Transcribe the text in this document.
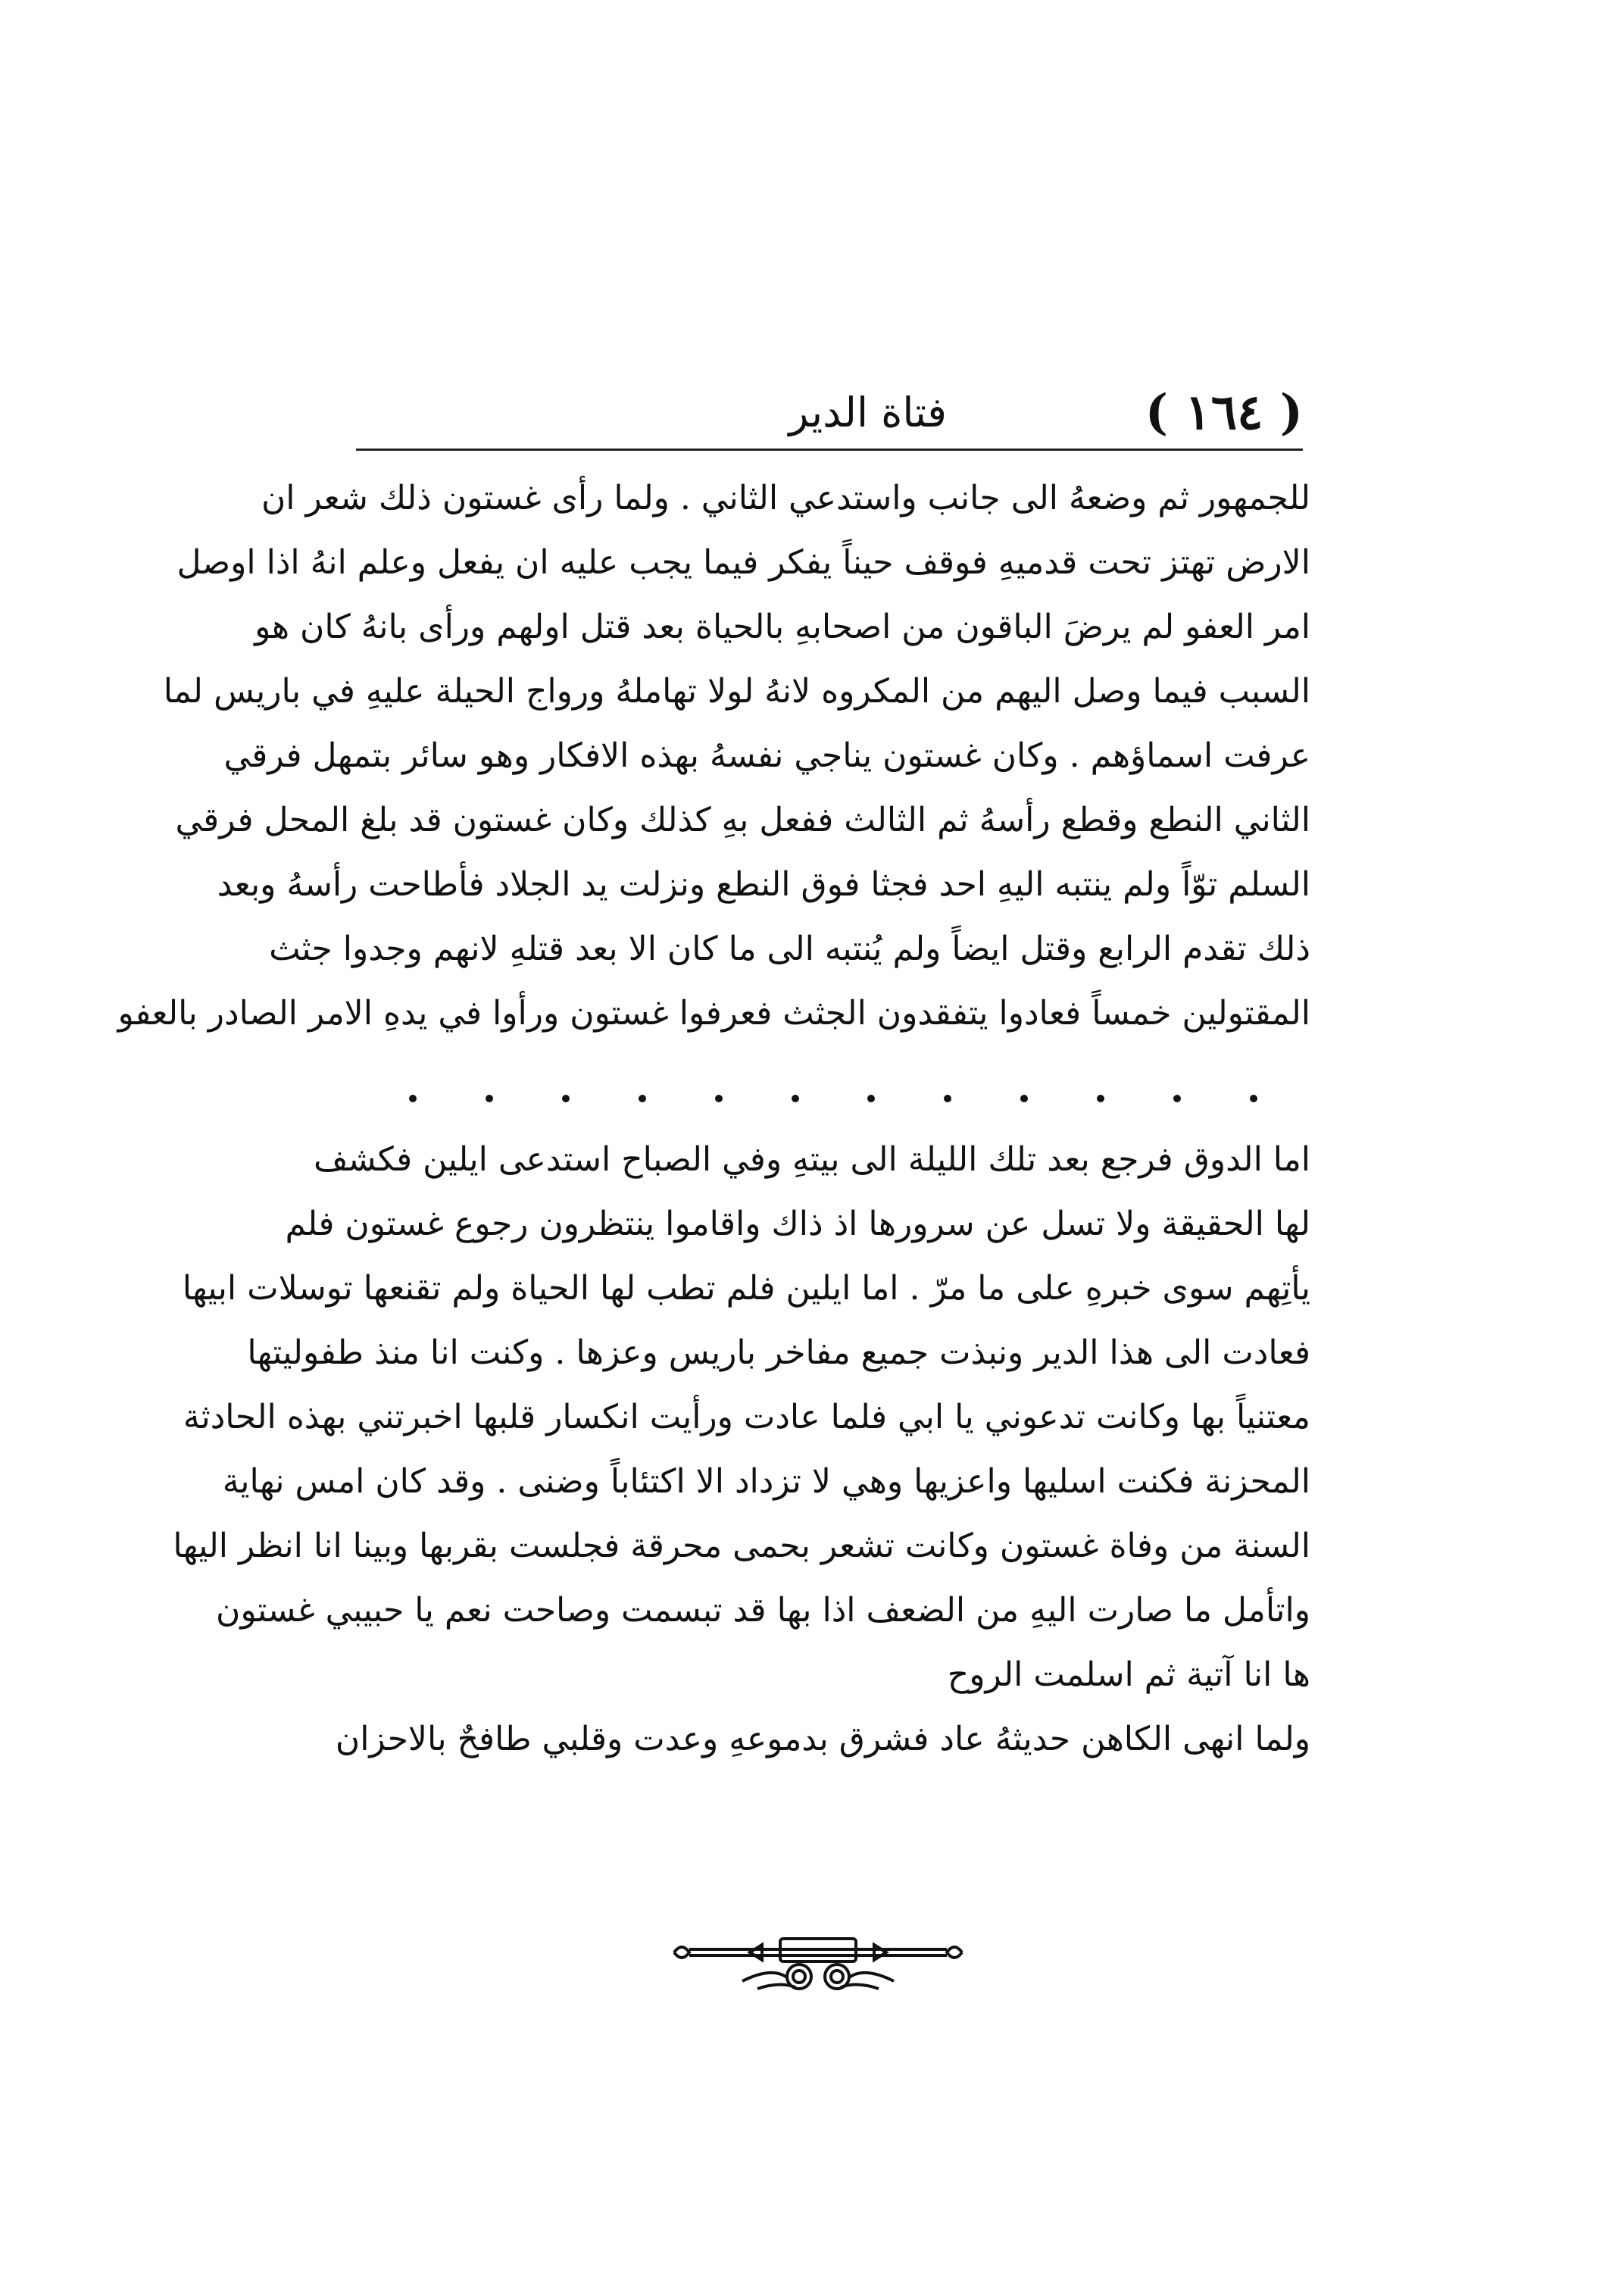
( ١٦٤ )
فتاة الدير
للجمهور ثم وضعهُ الى جانب واستدعي الثاني . ولما رأى غستون ذلك شعر ان
الارض تهتز تحت قدميهِ فوقف حيناً يفكر فيما يجب عليه ان يفعل وعلم انهُ اذا اوصل
امر العفو لم يرضَ الباقون من اصحابهِ بالحياة بعد قتل اولهم ورأى بانهُ كان هو
السبب فيما وصل اليهم من المكروه لانهُ لولا تهاملهُ ورواج الحيلة عليهِ في باريس لما
عرفت اسماؤهم . وكان غستون يناجي نفسهُ بهذه الافكار وهو سائر بتمهل فرقي
الثاني النطع وقطع رأسهُ ثم الثالث ففعل بهِ كذلك وكان غستون قد بلغ المحل فرقي
السلم توّاً ولم ينتبه اليهِ احد فجثا فوق النطع ونزلت يد الجلاد فأطاحت رأسهُ وبعد
ذلك تقدم الرابع وقتل ايضاً ولم يُنتبه الى ما كان الا بعد قتلهِ لانهم وجدوا جثث
المقتولين خمساً فعادوا يتفقدون الجثث فعرفوا غستون ورأوا في يدهِ الامر الصادر بالعفو
اما الدوق فرجع بعد تلك الليلة الى بيتهِ وفي الصباح استدعى ايلين فكشف
لها الحقيقة ولا تسل عن سرورها اذ ذاك واقاموا ينتظرون رجوع غستون فلم
يأتِهم سوى خبرهِ على ما مرّ . اما ايلين فلم تطب لها الحياة ولم تقنعها توسلات ابيها
فعادت الى هذا الدير ونبذت جميع مفاخر باريس وعزها . وكنت انا منذ طفوليتها
معتنياً بها وكانت تدعوني يا ابي فلما عادت ورأيت انكسار قلبها اخبرتني بهذه الحادثة
المحزنة فكنت اسليها واعزيها وهي لا تزداد الا اكتئاباً وضنى . وقد كان امس نهاية
السنة من وفاة غستون وكانت تشعر بحمى محرقة فجلست بقربها وبينا انا انظر اليها
واتأمل ما صارت اليهِ من الضعف اذا بها قد تبسمت وصاحت نعم يا حبيبي غستون
ها انا آتية ثم اسلمت الروح
ولما انهى الكاهن حديثهُ عاد فشرق بدموعهِ وعدت وقلبي طافحٌ بالاحزان
